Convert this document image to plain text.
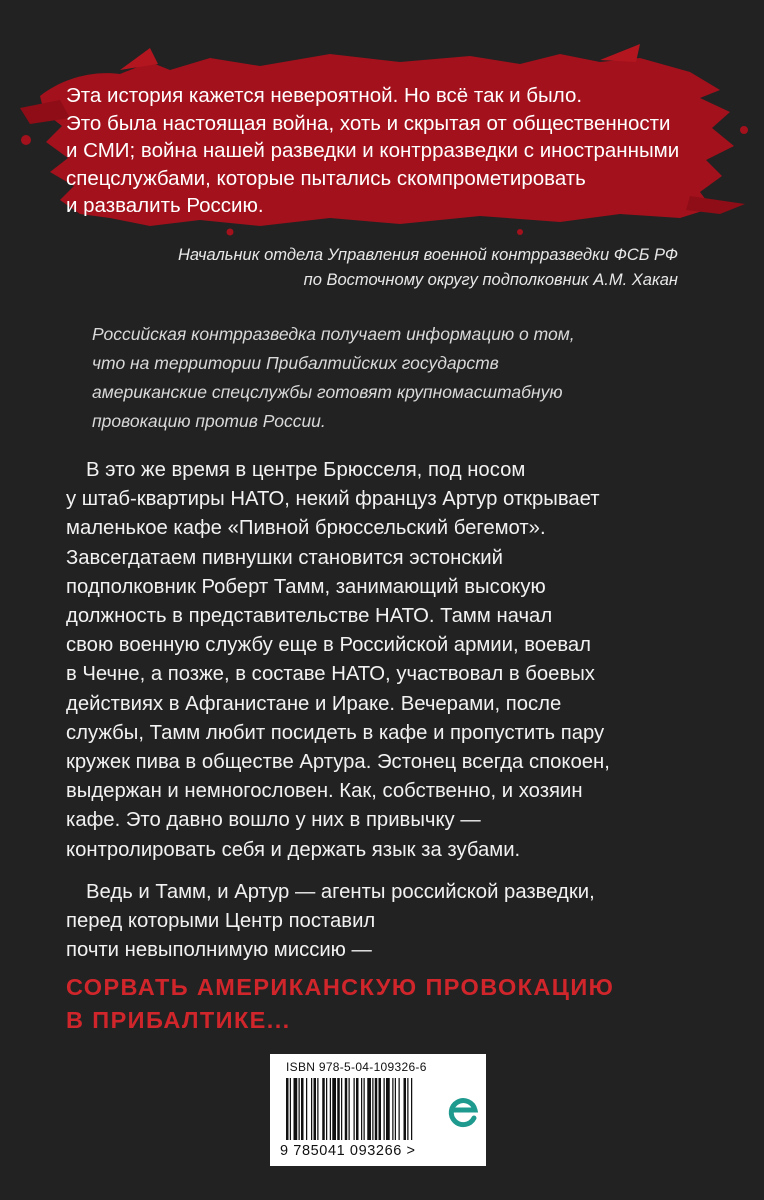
Эта история кажется невероятной. Но всё так и было.
Это была настоящая война, хоть и скрытая от общественности
и СМИ; война нашей разведки и контрразведки с иностранными
спецслужбами, которые пытались скомпрометировать
и развалить Россию.
Начальник отдела Управления военной контрразведки ФСБ РФ
по Восточному округу подполковник А.М. Хакан
Российская контрразведка получает информацию о том,
что на территории Прибалтийских государств
американские спецслужбы готовят крупномасштабную
провокацию против России.
В это же время в центре Брюсселя, под носом
у штаб-квартиры НАТО, некий француз Артур открывает
маленькое кафе «Пивной брюссельский бегемот».
Завсегдатаем пивнушки становится эстонский
подполковник Роберт Тамм, занимающий высокую
должность в представительстве НАТО. Тамм начал
свою военную службу еще в Российской армии, воевал
в Чечне, а позже, в составе НАТО, участвовал в боевых
действиях в Афганистане и Ираке. Вечерами, после
службы, Тамм любит посидеть в кафе и пропустить пару
кружек пива в обществе Артура. Эстонец всегда спокоен,
выдержан и немногословен. Как, собственно, и хозяин
кафе. Это давно вошло у них в привычку —
контролировать себя и держать язык за зубами.
Ведь и Тамм, и Артур — агенты российской разведки,
перед которыми Центр поставил
почти невыполнимую миссию —
СОРВАТЬ АМЕРИКАНСКУЮ ПРОВОКАЦИЮ
В ПРИБАЛТИКЕ...
ISBN 978-5-04-109326-6
9 785041 093266 >
